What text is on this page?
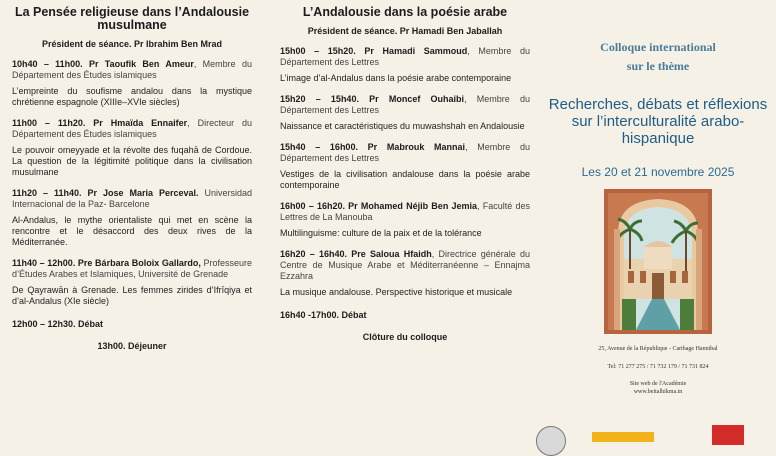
La Pensée religieuse dans l’Andalousie musulmane

Président de séance. Pr Ibrahim Ben Mrad
10h40 – 11h00. Pr Taoufik Ben Ameur, Membre du Département des Études islamiques
L’empreinte du soufisme andalou dans la mystique chrétienne espagnole (XIIIe–XVIe siècles)
11h00 – 11h20. Pr Hmaïda Ennaifer, Directeur du Département des Études islamiques
Le pouvoir omeyyade et la révolte des fuqahā de Cordoue. La question de la légitimité politique dans la civilisation musulmane
11h20 – 11h40. Pr Jose Maria Perceval. Universidad Internacional de la Paz- Barcelone
Al-Andalus, le mythe orientaliste qui met en scène la rencontre et le désaccord des deux rives de la Méditerranée.
11h40 – 12h00. Pre Bárbara Boloix Gallardo, Professeure d’Études Arabes et Islamiques, Université de Grenade
De Qayrawān à Grenade. Les femmes zirides d’Ifrīqiya et d’al-Andalus (XIe siècle)
12h00 – 12h30. Débat
13h00. Déjeuner

L’Andalousie dans la poésie arabe

Président de séance. Pr Hamadi Ben Jaballah
15h00 – 15h20. Pr Hamadi Sammoud, Membre du Département des Lettres
L’image d’al-Andalus dans la poésie arabe contemporaine
15h20 – 15h40. Pr Moncef Ouhaibi, Membre du Département des Lettres
Naissance et caractéristiques du muwashshah en Andalousie
15h40 – 16h00. Pr Mabrouk Mannai, Membre du Département des Lettres
Vestiges de la civilisation andalouse dans la poésie arabe contemporaine
16h00 – 16h20. Pr Mohamed Néjib Ben Jemia, Faculté des Lettres de La Manouba
Multilinguisme: culture de la paix et de la tolérance
16h20 – 16h40. Pre Saloua Hfaidh, Directrice générale du Centre de Musique Arabe et Méditerranéenne – Ennajma Ezzahra
La musique andalouse. Perspective historique et musicale
16h40 -17h00. Débat
Clôture du colloque
Colloque international
sur le thème
Recherches, débats et réflexions sur l’interculturalité arabo-hispanique
Les 20 et 21 novembre 2025
25, Avenue de la République - Carthage Hannibal
Tel: 71 277 275 / 71 732 179 / 71 731 824
Site web de l'Académie
www.beitalhikma.tn
